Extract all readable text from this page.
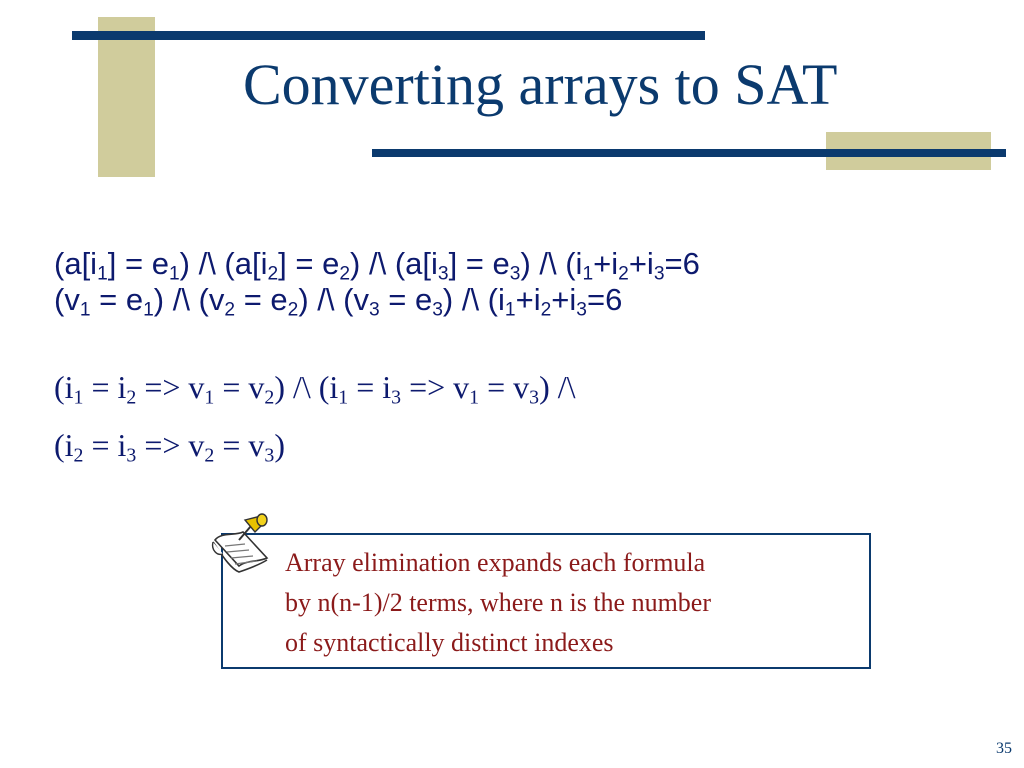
Converting arrays to SAT
$(a[i_1] = e_1)$ /\ $(a[i_2] = e_2)$ /\ $(a[i_3] = e_3)$ /\ ($i_1+i_2+i_3=6$
$(v_1 = e_1)$ /\ $(v_2 = e_2)$ /\ $(v_3 = e_3)$ /\ ($i_1+i_2+i_3=6$
$(i_1 = i_2 => v_1 = v_2)$ /\ $(i_1 = i_3 => v_1 = v_3)$ /\
$(i_2 = i_3 => v_2 = v_3)$
Array elimination expands each formula
by n(n-1)/2 terms, where n is the number
of syntactically distinct indexes
35
